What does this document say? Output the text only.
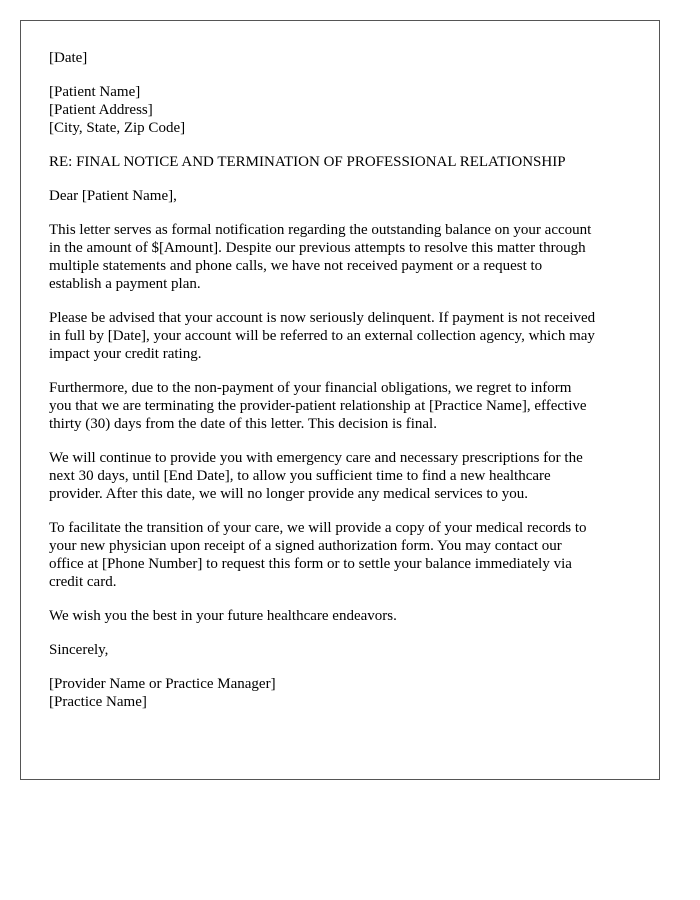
[Date]
[Patient Name]
[Patient Address]
[City, State, Zip Code]
RE: FINAL NOTICE AND TERMINATION OF PROFESSIONAL RELATIONSHIP
Dear [Patient Name],
This letter serves as formal notification regarding the outstanding balance on your account
in the amount of $[Amount]. Despite our previous attempts to resolve this matter through
multiple statements and phone calls, we have not received payment or a request to
establish a payment plan.
Please be advised that your account is now seriously delinquent. If payment is not received
in full by [Date], your account will be referred to an external collection agency, which may
impact your credit rating.
Furthermore, due to the non-payment of your financial obligations, we regret to inform
you that we are terminating the provider-patient relationship at [Practice Name], effective
thirty (30) days from the date of this letter. This decision is final.
We will continue to provide you with emergency care and necessary prescriptions for the
next 30 days, until [End Date], to allow you sufficient time to find a new healthcare
provider. After this date, we will no longer provide any medical services to you.
To facilitate the transition of your care, we will provide a copy of your medical records to
your new physician upon receipt of a signed authorization form. You may contact our
office at [Phone Number] to request this form or to settle your balance immediately via
credit card.
We wish you the best in your future healthcare endeavors.
Sincerely,
[Provider Name or Practice Manager]
[Practice Name]
